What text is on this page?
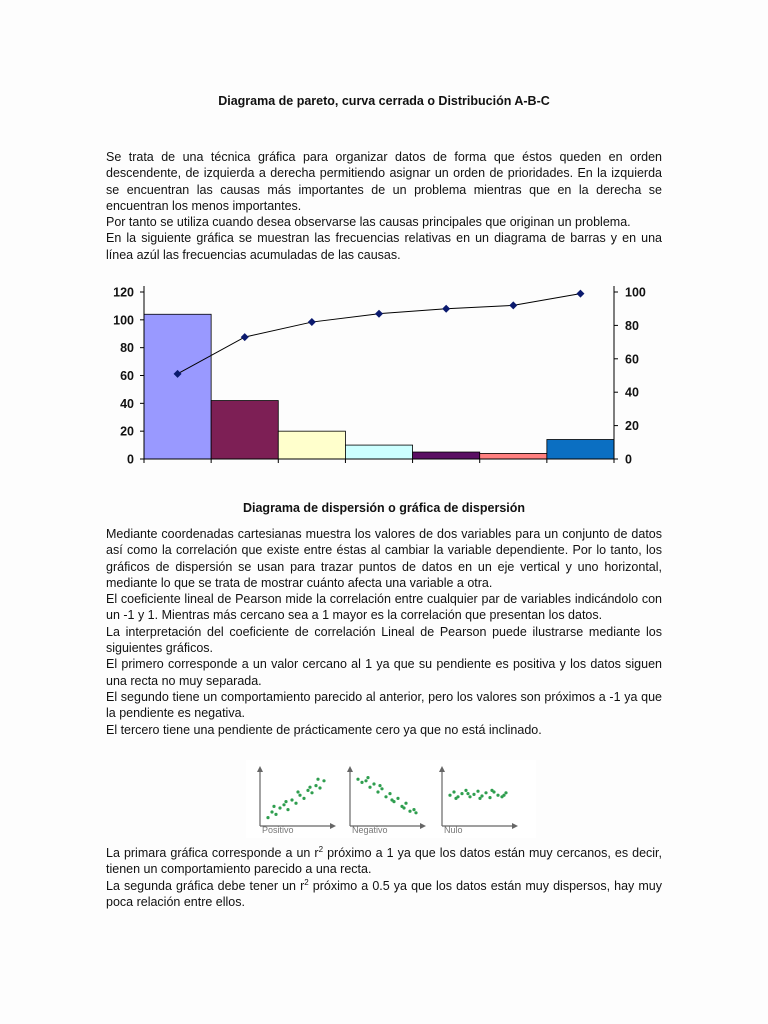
Diagrama de pareto, curva cerrada o Distribución A-B-C

Se trata de una técnica gráfica para organizar datos de forma que éstos queden en orden descendente, de izquierda a derecha permitiendo asignar un orden de prioridades. En la izquierda se encuentran las causas más importantes de un problema mientras que en la derecha se encuentran los menos importantes.

Por tanto se utiliza cuando desea observarse las causas principales que originan un problema.

En la siguiente gráfica se muestran las frecuencias relativas en un diagrama de barras y en una línea azúl las frecuencias acumuladas de las causas.

0
20
40
60
80
100
120
0
20
40
60
80
100
Diagrama de dispersión o gráfica de dispersión

Mediante coordenadas cartesianas muestra los valores de dos variables para un conjunto de datos así como la correlación que existe entre éstas al cambiar la variable dependiente. Por lo tanto, los gráficos de dispersión se usan para trazar puntos de datos en un eje vertical y uno horizontal, mediante lo que se trata de mostrar cuánto afecta una variable a otra.

El coeficiente lineal de Pearson mide la correlación entre cualquier par de variables indicándolo con un -1 y 1. Mientras más cercano sea a 1 mayor es la correlación que presentan los datos.

La interpretación del coeficiente de correlación Lineal de Pearson puede ilustrarse mediante los siguientes gráficos.

El primero corresponde a un valor cercano al 1 ya que su pendiente es positiva y los datos siguen una recta no muy separada.

El segundo tiene un comportamiento parecido al anterior, pero los valores son próximos a -1 ya que la pendiente es negativa.

El tercero tiene una pendiente de prácticamente cero ya que no está inclinado.

Positivo	Negativo	Nulo

La primara gráfica corresponde a un $r^2$ próximo a 1 ya que los datos están muy cercanos, es decir, tienen un comportamiento parecido a una recta.

La segunda gráfica debe tener un $r^2$ próximo a 0.5 ya que los datos están muy dispersos, hay muy poca relación entre ellos.
